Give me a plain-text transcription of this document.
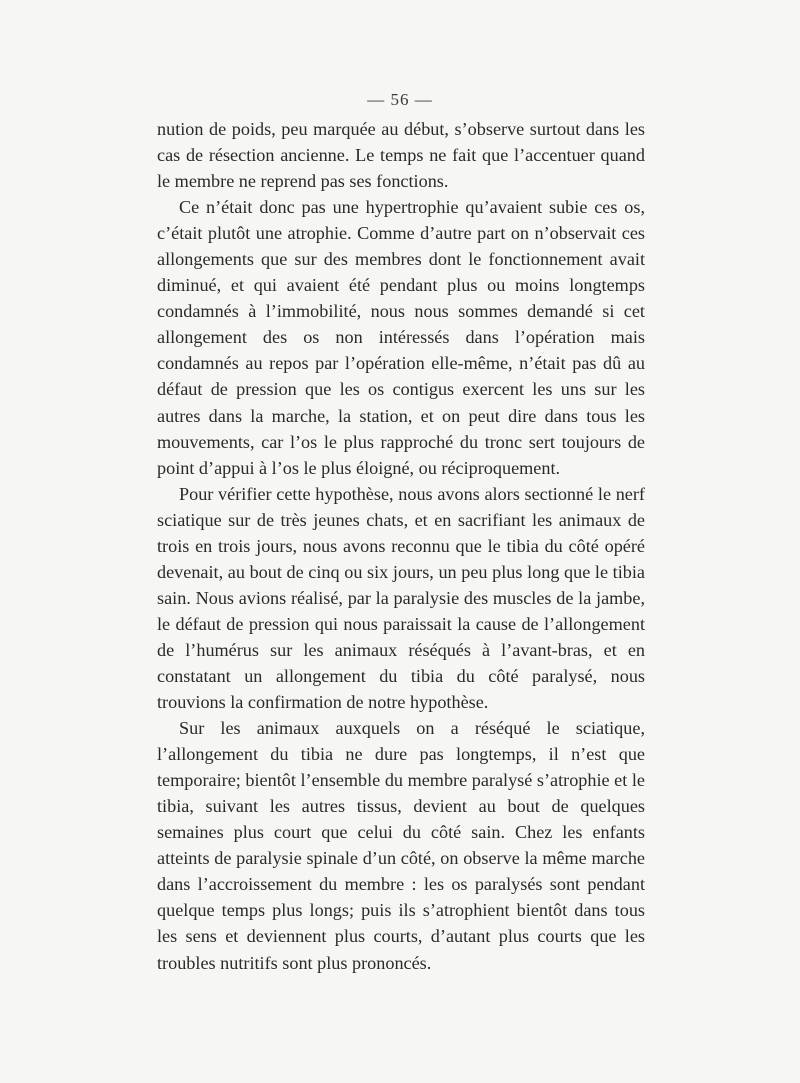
— 56 —

nution de poids, peu marquée au début, s’observe surtout dans les cas de résection ancienne. Le temps ne fait que l’accentuer quand le membre ne reprend pas ses fonctions.

Ce n’était donc pas une hypertrophie qu’avaient subie ces os, c’était plutôt une atrophie. Comme d’autre part on n’observait ces allongements que sur des membres dont le fonctionnement avait diminué, et qui avaient été pendant plus ou moins longtemps condamnés à l’immobilité, nous nous sommes demandé si cet allongement des os non intéressés dans l’opération mais condamnés au repos par l’opération elle-même, n’était pas dû au défaut de pression que les os contigus exercent les uns sur les autres dans la marche, la station, et on peut dire dans tous les mouvements, car l’os le plus rapproché du tronc sert toujours de point d’appui à l’os le plus éloigné, ou réciproquement.

Pour vérifier cette hypothèse, nous avons alors sectionné le nerf sciatique sur de très jeunes chats, et en sacrifiant les animaux de trois en trois jours, nous avons reconnu que le tibia du côté opéré devenait, au bout de cinq ou six jours, un peu plus long que le tibia sain. Nous avions réalisé, par la paralysie des muscles de la jambe, le défaut de pression qui nous paraissait la cause de l’allongement de l’humérus sur les animaux réséqués à l’avant-bras, et en constatant un allongement du tibia du côté paralysé, nous trouvions la confirmation de notre hypothèse.

Sur les animaux auxquels on a réséqué le sciatique, l’allongement du tibia ne dure pas longtemps, il n’est que temporaire; bientôt l’ensemble du membre paralysé s’atrophie et le tibia, suivant les autres tissus, devient au bout de quelques semaines plus court que celui du côté sain. Chez les enfants atteints de paralysie spinale d’un côté, on observe la même marche dans l’accroissement du membre : les os paralysés sont pendant quelque temps plus longs; puis ils s’atrophient bientôt dans tous les sens et deviennent plus courts, d’autant plus courts que les troubles nutritifs sont plus prononcés.
